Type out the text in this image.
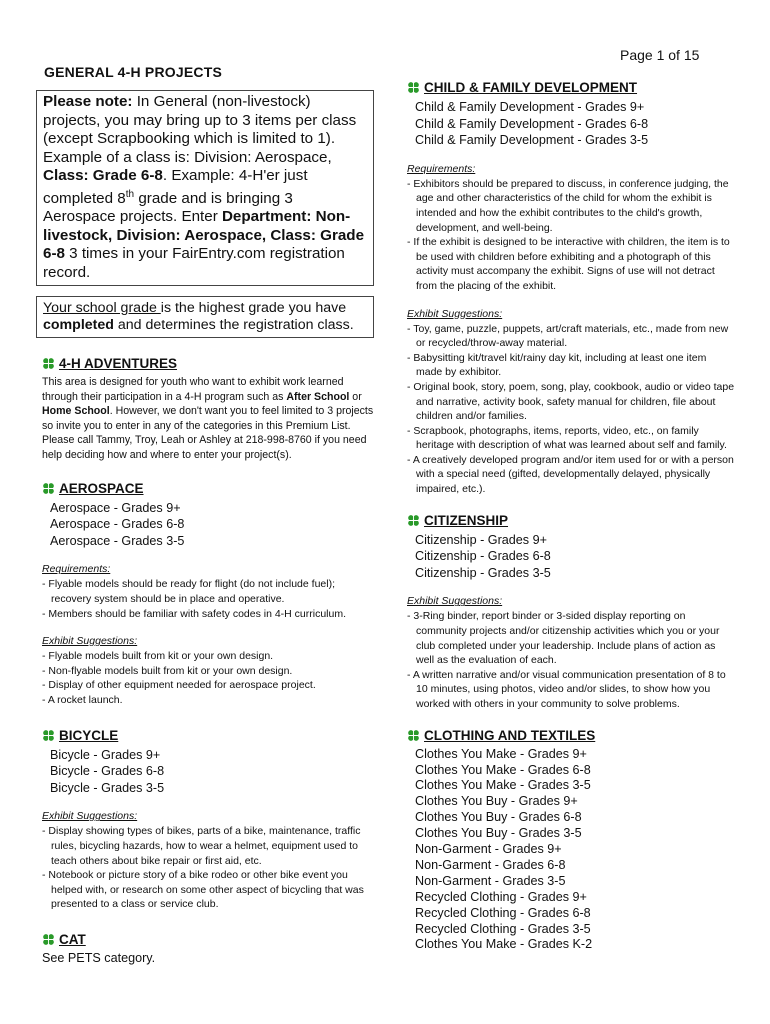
Page 1 of 15
GENERAL 4-H PROJECTS
Please note: In General (non-livestock) projects, you may bring up to 3 items per class (except Scrapbooking which is limited to 1). Example of a class is: Division: Aerospace, Class: Grade 6-8. Example: 4-H'er just completed 8th grade and is bringing 3 Aerospace projects. Enter Department: Non-livestock, Division: Aerospace, Class: Grade 6-8 3 times in your FairEntry.com registration record.
Your school grade is the highest grade you have completed and determines the registration class.
4-H ADVENTURES
This area is designed for youth who want to exhibit work learned through their participation in a 4-H program such as After School or Home School. However, we don't want you to feel limited to 3 projects so invite you to enter in any of the categories in this Premium List. Please call Tammy, Troy, Leah or Ashley at 218-998-8760 if you need help deciding how and where to enter your project(s).
AEROSPACE
Aerospace - Grades 9+
Aerospace - Grades 6-8
Aerospace - Grades 3-5
Requirements:
- Flyable models should be ready for flight (do not include fuel); recovery system should be in place and operative.
- Members should be familiar with safety codes in 4-H curriculum.
Exhibit Suggestions:
- Flyable models built from kit or your own design.
- Non-flyable models built from kit or your own design.
- Display of other equipment needed for aerospace project.
- A rocket launch.
BICYCLE
Bicycle - Grades 9+
Bicycle - Grades 6-8
Bicycle - Grades 3-5
Exhibit Suggestions:
- Display showing types of bikes, parts of a bike, maintenance, traffic rules, bicycling hazards, how to wear a helmet, equipment used to teach others about bike repair or first aid, etc.
- Notebook or picture story of a bike rodeo or other bike event you helped with, or research on some other aspect of bicycling that was presented to a class or service club.
CAT
See PETS category.
CHILD & FAMILY DEVELOPMENT
Child & Family Development - Grades 9+
Child & Family Development - Grades 6-8
Child & Family Development - Grades 3-5
Requirements:
- Exhibitors should be prepared to discuss, in conference judging, the age and other characteristics of the child for whom the exhibit is intended and how the exhibit contributes to the child's growth, development, and well-being.
- If the exhibit is designed to be interactive with children, the item is to be used with children before exhibiting and a photograph of this activity must accompany the exhibit. Signs of use will not detract from the placing of the exhibit.
Exhibit Suggestions:
- Toy, game, puzzle, puppets, art/craft materials, etc., made from new or recycled/throw-away material.
- Babysitting kit/travel kit/rainy day kit, including at least one item made by exhibitor.
- Original book, story, poem, song, play, cookbook, audio or video tape and narrative, activity book, safety manual for children, file about children and/or families.
- Scrapbook, photographs, items, reports, video, etc., on family heritage with description of what was learned about self and family.
- A creatively developed program and/or item used for or with a person with a special need (gifted, developmentally delayed, physically impaired, etc.).
CITIZENSHIP
Citizenship - Grades 9+
Citizenship - Grades 6-8
Citizenship - Grades 3-5
Exhibit Suggestions:
- 3-Ring binder, report binder or 3-sided display reporting on community projects and/or citizenship activities which you or your club completed under your leadership. Include plans of action as well as the evaluation of each.
- A written narrative and/or visual communication presentation of 8 to 10 minutes, using photos, video and/or slides, to show how you worked with others in your community to solve problems.
CLOTHING AND TEXTILES
Clothes You Make - Grades 9+
Clothes You Make - Grades 6-8
Clothes You Make - Grades 3-5
Clothes You Buy - Grades 9+
Clothes You Buy - Grades 6-8
Clothes You Buy - Grades 3-5
Non-Garment - Grades 9+
Non-Garment - Grades 6-8
Non-Garment - Grades 3-5
Recycled Clothing - Grades 9+
Recycled Clothing - Grades 6-8
Recycled Clothing - Grades 3-5
Clothes You Make - Grades K-2
